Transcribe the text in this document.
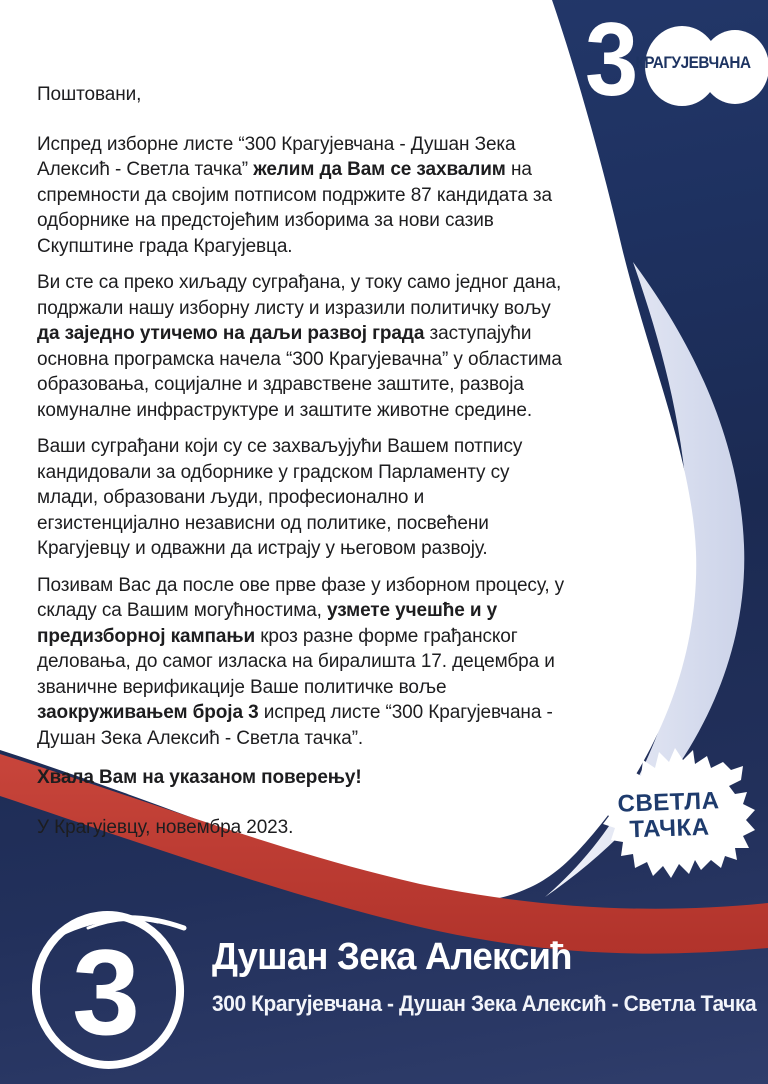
3
КРАГУЈЕВЧАНА

Поштовани,

Испред изборне листе “300 Крагујевчана - Душан Зека Алексић - Светла тачка” желим да Вам се захвалим на спремности да својим потписом подржите 87 кандидата за одборнике на предстојећим изборима за нови сазив Скупштине града Крагујевца.

Ви сте са преко хиљаду суграђана, у току само једног дана, подржали нашу изборну листу и изразили политичку вољу да заједно утичемо на даљи развој града заступајући основна програмска начела “300 Крагујевачна” у областима образовања, социјалне и здравствене заштите, развоја комуналне инфраструктуре и заштите животне средине.

Ваши суграђани који су се захваљујући Вашем потпису кандидовали за одборнике у градском Парламенту су млади, образовани људи, професионално и егзистенцијално независни од политике, посвећени Крагујевцу и одважни да истрају у његовом развоју.

Позивам Вас да после ове прве фазе у изборном процесу, у складу са Вашим могућностима, узмете учешће и у предизборној кампањи кроз разне форме грађанског деловања, до самог изласка на биралишта 17. децембра и званичне верификације Ваше политичке воље заокруживањем броја 3 испред листе “300 Крагујевчана - Душан Зека Алексић - Светла тачка”.

Хвала Вам на указаном поверењу!

У Крагујевцу, новембра 2023.

СВЕТЛА
ТАЧКА
3	Душан Зека Алексић
300 Крагујевчана - Душан Зека Алексић - Светла Тачка
